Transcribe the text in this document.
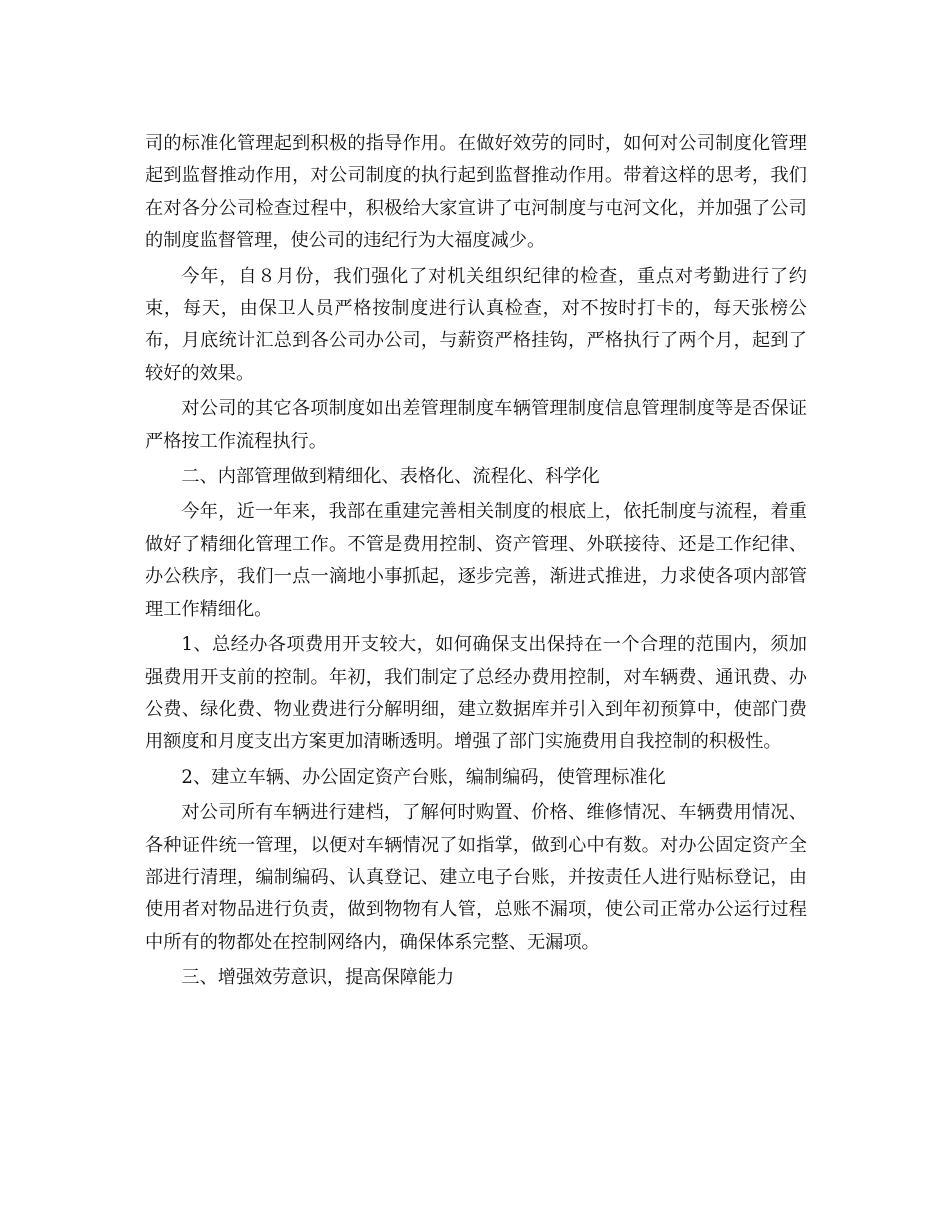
司的标准化管理起到积极的指导作用。在做好效劳的同时，如何对公司制度化管理起到监督推动作用，对公司制度的执行起到监督推动作用。带着这样的思考，我们在对各分公司检查过程中，积极给大家宣讲了屯河制度与屯河文化，并加强了公司的制度监督管理，使公司的违纪行为大福度减少。

今年，自８月份，我们强化了对机关组织纪律的检查，重点对考勤进行了约束，每天，由保卫人员严格按制度进行认真检查，对不按时打卡的，每天张榜公布，月底统计汇总到各公司办公司，与薪资严格挂钩，严格执行了两个月，起到了较好的效果。

对公司的其它各项制度如出差管理制度车辆管理制度信息管理制度等是否保证严格按工作流程执行。

二、内部管理做到精细化、表格化、流程化、科学化

今年，近一年来，我部在重建完善相关制度的根底上，依托制度与流程，着重做好了精细化管理工作。不管是费用控制、资产管理、外联接待、还是工作纪律、办公秩序，我们一点一滴地小事抓起，逐步完善，渐进式推进，力求使各项内部管理工作精细化。

1、总经办各项费用开支较大，如何确保支出保持在一个合理的范围内，须加强费用开支前的控制。年初，我们制定了总经办费用控制，对车辆费、通讯费、办公费、绿化费、物业费进行分解明细，建立数据库并引入到年初预算中，使部门费用额度和月度支出方案更加清晰透明。增强了部门实施费用自我控制的积极性。

2、建立车辆、办公固定资产台账，编制编码，使管理标准化

对公司所有车辆进行建档，了解何时购置、价格、维修情况、车辆费用情况、各种证件统一管理，以便对车辆情况了如指掌，做到心中有数。对办公固定资产全部进行清理，编制编码、认真登记、建立电子台账，并按责任人进行贴标登记，由使用者对物品进行负责，做到物物有人管，总账不漏项，使公司正常办公运行过程中所有的物都处在控制网络内，确保体系完整、无漏项。

三、增强效劳意识，提高保障能力
